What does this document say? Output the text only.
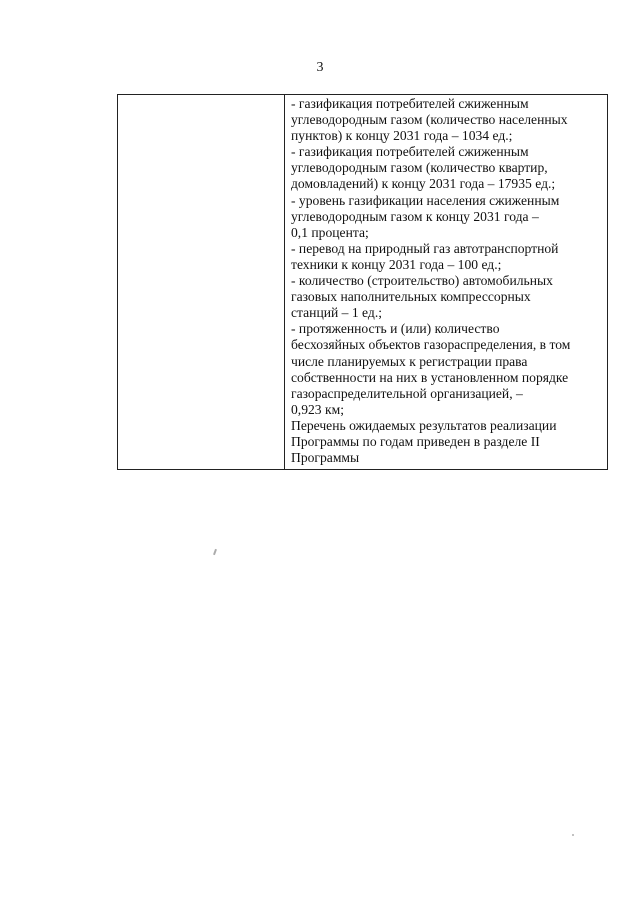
3

- газификация потребителей сжиженным
углеводородным газом (количество населенных
пунктов) к концу 2031 года – 1034 ед.;
- газификация потребителей сжиженным
углеводородным газом (количество квартир,
домовладений) к концу 2031 года – 17935 ед.;
- уровень газификации населения сжиженным
углеводородным газом к концу 2031 года –
0,1 процента;
- перевод на природный газ автотранспортной
техники к концу 2031 года – 100 ед.;
- количество (строительство) автомобильных
газовых наполнительных компрессорных
станций – 1 ед.;
- протяженность и (или) количество
бесхозяйных объектов газораспределения, в том
числе планируемых к регистрации права
собственности на них в установленном порядке
газораспределительной организацией, –
0,923 км;
Перечень ожидаемых результатов реализации
Программы по годам приведен в разделе II
Программы
